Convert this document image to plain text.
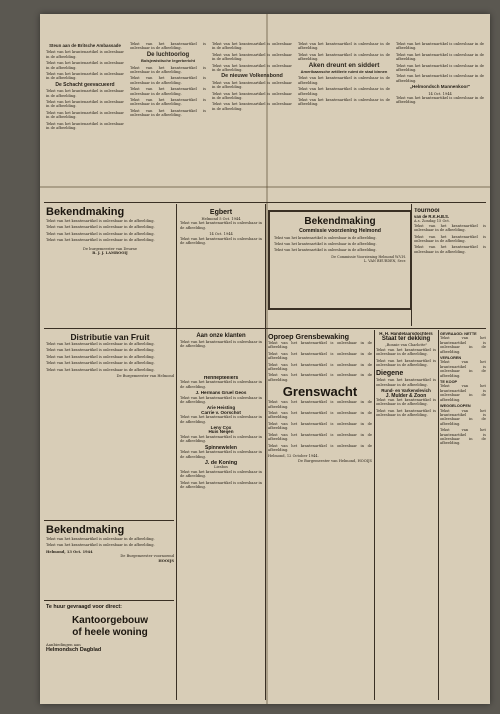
Steun aan de Britsche Ambassade

Tekst van het krantenartikel is onleesbaar in de afbeelding.

Tekst van het krantenartikel is onleesbaar in de afbeelding.

Tekst van het krantenartikel is onleesbaar in de afbeelding.

De Schacht geevacueerd

Tekst van het krantenartikel is onleesbaar in de afbeelding.

Tekst van het krantenartikel is onleesbaar in de afbeelding.

Tekst van het krantenartikel is onleesbaar in de afbeelding.

Tekst van het krantenartikel is onleesbaar in de afbeelding.

Tekst van het krantenartikel is onleesbaar in de afbeelding.

De luchtoorlog
Bolsjewistische legerbericht

Tekst van het krantenartikel is onleesbaar in de afbeelding.

Tekst van het krantenartikel is onleesbaar in de afbeelding.

Tekst van het krantenartikel is onleesbaar in de afbeelding.

Tekst van het krantenartikel is onleesbaar in de afbeelding.

Tekst van het krantenartikel is onleesbaar in de afbeelding.

Tekst van het krantenartikel is onleesbaar in de afbeelding.

Tekst van het krantenartikel is onleesbaar in de afbeelding.

Tekst van het krantenartikel is onleesbaar in de afbeelding.

De nieuwe Volkensbond

Tekst van het krantenartikel is onleesbaar in de afbeelding.

Tekst van het krantenartikel is onleesbaar in de afbeelding.

Tekst van het krantenartikel is onleesbaar in de afbeelding.

Tekst van het krantenartikel is onleesbaar in de afbeelding.

Tekst van het krantenartikel is onleesbaar in de afbeelding.

Aken dreunt en siddert
Amerikaansche artillerie ruimt de stad binnen

Tekst van het krantenartikel is onleesbaar in de afbeelding.

Tekst van het krantenartikel is onleesbaar in de afbeelding.

Tekst van het krantenartikel is onleesbaar in de afbeelding.

Tekst van het krantenartikel is onleesbaar in de afbeelding.

Tekst van het krantenartikel is onleesbaar in de afbeelding.

Tekst van het krantenartikel is onleesbaar in de afbeelding.

Tekst van het krantenartikel is onleesbaar in de afbeelding.

„Helmondsch Mannenkoor"
14 Oct. 1944

Tekst van het krantenartikel is onleesbaar in de afbeelding.

Bekendmaking

Tekst van het krantenartikel is onleesbaar in de afbeelding.

Tekst van het krantenartikel is onleesbaar in de afbeelding.

Tekst van het krantenartikel is onleesbaar in de afbeelding.

Tekst van het krantenartikel is onleesbaar in de afbeelding.

De burgemeester van Deurne
B. J. J. LAMBOOIJ
Egbert
Helmond 5 Oct. 1944

Tekst van het krantenartikel is onleesbaar in de afbeelding.

14 Oct. 1944

Tekst van het krantenartikel is onleesbaar in de afbeelding.

Bekendmaking
Commissie voorziening Helmond

Tekst van het krantenartikel is onleesbaar in de afbeelding.

Tekst van het krantenartikel is onleesbaar in de afbeelding.

Tekst van het krantenartikel is onleesbaar in de afbeelding.

De Commissie Voorziening Helmond W.V.H.
L. VAN BEURDEN, Secr.
Tournooi
van de R.K.H.B.S.
A.s. Zondag 15 Oct.

Tekst van het krantenartikel is onleesbaar in de afbeelding.

Tekst van het krantenartikel is onleesbaar in de afbeelding.

Tekst van het krantenartikel is onleesbaar in de afbeelding.

Distributie van Fruit

Tekst van het krantenartikel is onleesbaar in de afbeelding.

Tekst van het krantenartikel is onleesbaar in de afbeelding.

Tekst van het krantenartikel is onleesbaar in de afbeelding.

Tekst van het krantenartikel is onleesbaar in de afbeelding.

Tekst van het krantenartikel is onleesbaar in de afbeelding.

De Burgemeester van Helmond
Aan onze klanten

Tekst van het krantenartikel is onleesbaar in de afbeelding.

Hennepteelers

Tekst van het krantenartikel is onleesbaar in de afbeelding.

J. Hermans Gruel Geos

Tekst van het krantenartikel is onleesbaar in de afbeelding.

Arie Heisting
Carrie v. Oorschot

Tekst van het krantenartikel is onleesbaar in de afbeelding.

Leny Cox
Huis Neijen

Tekst van het krantenartikel is onleesbaar in de afbeelding.

Spinnewielen

Tekst van het krantenartikel is onleesbaar in de afbeelding.

J. de Koning
Liesbos

Tekst van het krantenartikel is onleesbaar in de afbeelding.

Tekst van het krantenartikel is onleesbaar in de afbeelding.

Oproep Grensbewaking

Tekst van het krantenartikel is onleesbaar in de afbeelding.

Tekst van het krantenartikel is onleesbaar in de afbeelding.

Tekst van het krantenartikel is onleesbaar in de afbeelding.

Tekst van het krantenartikel is onleesbaar in de afbeelding.

Grenswacht

Tekst van het krantenartikel is onleesbaar in de afbeelding.

Tekst van het krantenartikel is onleesbaar in de afbeelding.

Tekst van het krantenartikel is onleesbaar in de afbeelding.

Tekst van het krantenartikel is onleesbaar in de afbeelding.

Tekst van het krantenartikel is onleesbaar in de afbeelding.

Helmond, 12 October 1944.
De Burgemeester van Helmond, HOOIJS
H. H. Handelaarsdochters
Staat ter dekking
„Bonnie van Charlotte"

Tekst van het krantenartikel is onleesbaar in de afbeelding.

Tekst van het krantenartikel is onleesbaar in de afbeelding.

Diegene

Tekst van het krantenartikel is onleesbaar in de afbeelding.

Rund- en Varkenslevich
J. Mulder & Zoon

Tekst van het krantenartikel is onleesbaar in de afbeelding.

Tekst van het krantenartikel is onleesbaar in de afbeelding.

GEVRAAGD: NETTE

Tekst van het krantenartikel is onleesbaar in de afbeelding.

VERLOREN

Tekst van het krantenartikel is onleesbaar in de afbeelding.

TE KOOP

Tekst van het krantenartikel is onleesbaar in de afbeelding.

WEGGELOOPEN

Tekst van het krantenartikel is onleesbaar in de afbeelding.

Tekst van het krantenartikel is onleesbaar in de afbeelding.

Bekendmaking

Tekst van het krantenartikel is onleesbaar in de afbeelding.

Tekst van het krantenartikel is onleesbaar in de afbeelding.

Helmond, 13 Oct. 1944
De Burgemeester voornoemd
HOOIJS
Te huur gevraagd voor direct:
Kantoorgebouw
of heele woning
Aanbiedingen aan
Helmondsch Dagblad
